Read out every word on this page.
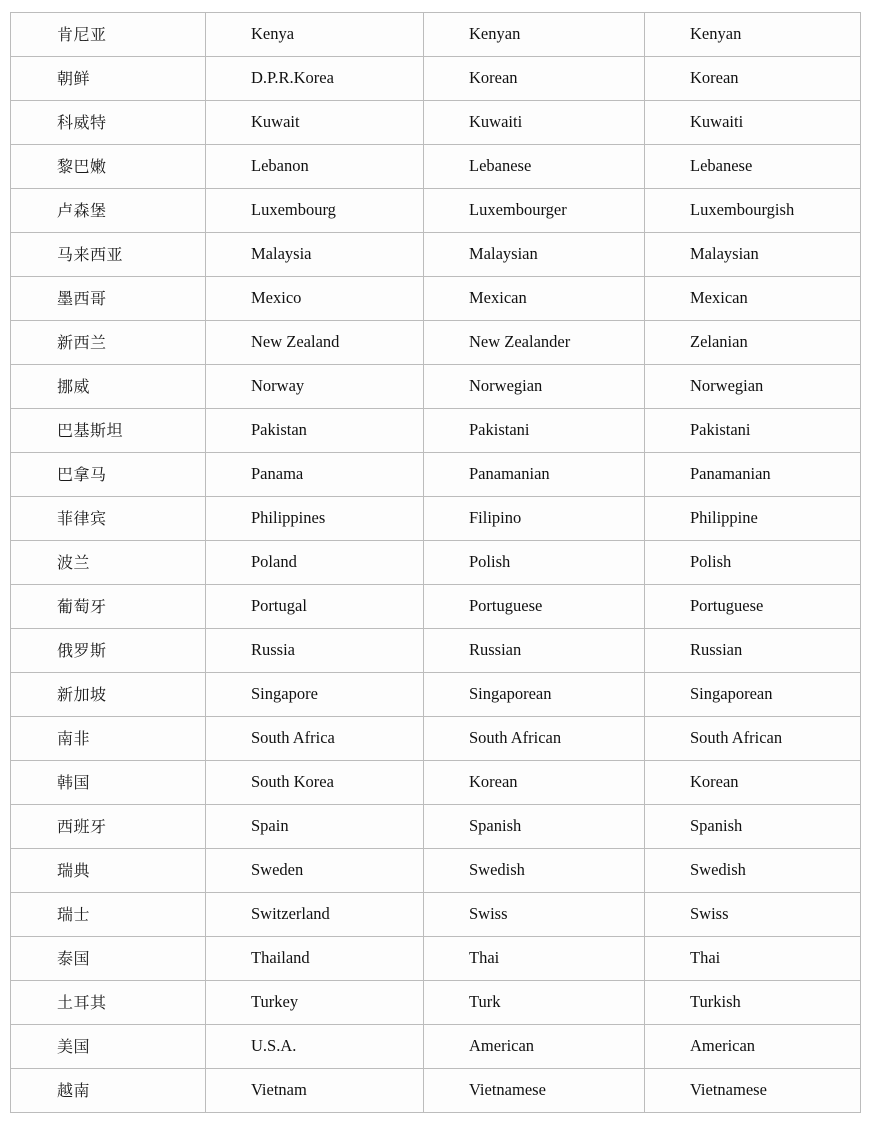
肯尼亚	Kenya	Kenyan	Kenyan
朝鲜	D.P.R.Korea	Korean	Korean
科威特	Kuwait	Kuwaiti	Kuwaiti
黎巴嫩	Lebanon	Lebanese	Lebanese
卢森堡	Luxembourg	Luxembourger	Luxembourgish
马来西亚	Malaysia	Malaysian	Malaysian
墨西哥	Mexico	Mexican	Mexican
新西兰	New Zealand	New Zealander	Zelanian
挪威	Norway	Norwegian	Norwegian
巴基斯坦	Pakistan	Pakistani	Pakistani
巴拿马	Panama	Panamanian	Panamanian
菲律宾	Philippines	Filipino	Philippine
波兰	Poland	Polish	Polish
葡萄牙	Portugal	Portuguese	Portuguese
俄罗斯	Russia	Russian	Russian
新加坡	Singapore	Singaporean	Singaporean
南非	South Africa	South African	South African
韩国	South Korea	Korean	Korean
西班牙	Spain	Spanish	Spanish
瑞典	Sweden	Swedish	Swedish
瑞士	Switzerland	Swiss	Swiss
泰国	Thailand	Thai	Thai
土耳其	Turkey	Turk	Turkish
美国	U.S.A.	American	American
越南	Vietnam	Vietnamese	Vietnamese
